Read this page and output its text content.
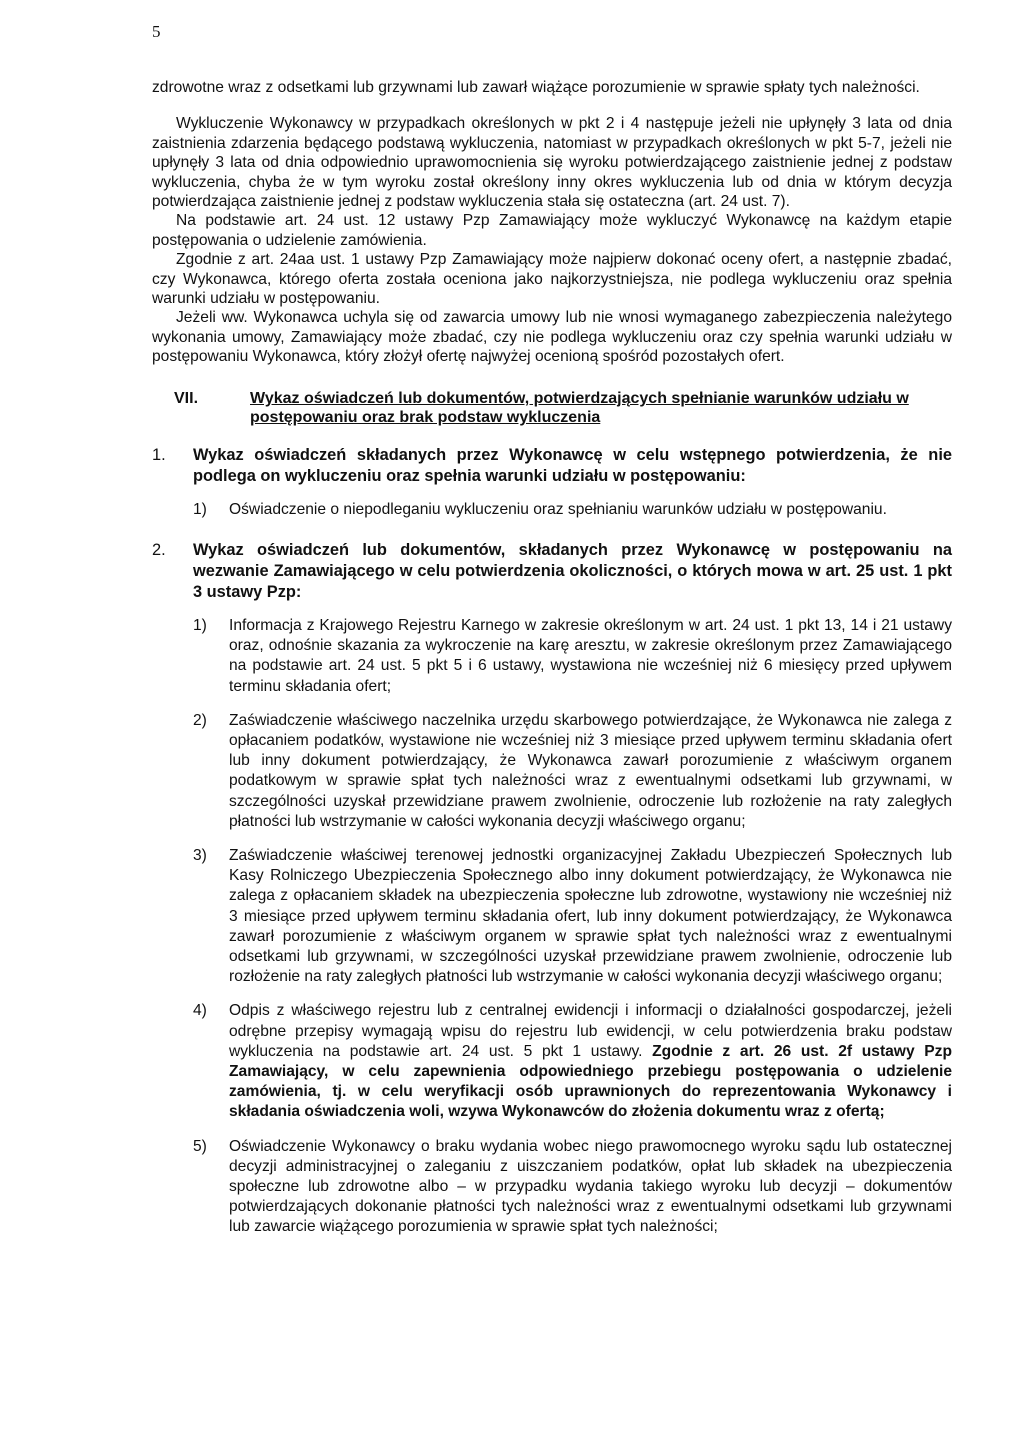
5

zdrowotne wraz z odsetkami lub grzywnami lub zawarł wiążące porozumienie w sprawie spłaty tych należności.

Wykluczenie Wykonawcy w przypadkach określonych w pkt 2 i 4 następuje jeżeli nie upłynęły 3 lata od dnia zaistnienia zdarzenia będącego podstawą wykluczenia, natomiast w przypadkach określonych w pkt 5-7, jeżeli nie upłynęły 3 lata od dnia odpowiednio uprawomocnienia się wyroku potwierdzającego zaistnienie jednej z podstaw wykluczenia, chyba że w tym wyroku został określony inny okres wykluczenia lub od dnia w którym decyzja potwierdzająca zaistnienie jednej z podstaw wykluczenia stała się ostateczna (art. 24 ust. 7).

Na podstawie art. 24 ust. 12 ustawy Pzp Zamawiający może wykluczyć Wykonawcę na każdym etapie postępowania o udzielenie zamówienia.

Zgodnie z art. 24aa ust. 1 ustawy Pzp Zamawiający może najpierw dokonać oceny ofert, a następnie zbadać, czy Wykonawca, którego oferta została oceniona jako najkorzystniejsza, nie podlega wykluczeniu oraz spełnia warunki udziału w postępowaniu.

Jeżeli ww. Wykonawca uchyla się od zawarcia umowy lub nie wnosi wymaganego zabezpieczenia należytego wykonania umowy, Zamawiający może zbadać, czy nie podlega wykluczeniu oraz czy spełnia warunki udziału w postępowaniu Wykonawca, który złożył ofertę najwyżej ocenioną spośród pozostałych ofert.

VII.	Wykaz oświadczeń lub dokumentów, potwierdzających spełnianie warunków udziału w postępowaniu oraz brak podstaw wykluczenia
1.	Wykaz oświadczeń składanych przez Wykonawcę w celu wstępnego potwierdzenia, że nie podlega on wykluczeniu oraz spełnia warunki udziału w postępowaniu:
1)	Oświadczenie o niepodleganiu wykluczeniu oraz spełnianiu warunków udziału w postępowaniu.
2.	Wykaz oświadczeń lub dokumentów, składanych przez Wykonawcę w postępowaniu na wezwanie Zamawiającego w celu potwierdzenia okoliczności, o których mowa w art. 25 ust. 1 pkt 3 ustawy Pzp:
1)	Informacja z Krajowego Rejestru Karnego w zakresie określonym w art. 24 ust. 1 pkt 13, 14 i 21 ustawy oraz, odnośnie skazania za wykroczenie na karę aresztu, w zakresie określonym przez Zamawiającego na podstawie art. 24 ust. 5 pkt 5 i 6 ustawy, wystawiona nie wcześniej niż 6 miesięcy przed upływem terminu składania ofert;
2)	Zaświadczenie właściwego naczelnika urzędu skarbowego potwierdzające, że Wykonawca nie zalega z opłacaniem podatków, wystawione nie wcześniej niż 3 miesiące przed upływem terminu składania ofert lub inny dokument potwierdzający, że Wykonawca zawarł porozumienie z właściwym organem podatkowym w sprawie spłat tych należności wraz z ewentualnymi odsetkami lub grzywnami, w szczególności uzyskał przewidziane prawem zwolnienie, odroczenie lub rozłożenie na raty zaległych płatności lub wstrzymanie w całości wykonania decyzji właściwego organu;
3)	Zaświadczenie właściwej terenowej jednostki organizacyjnej Zakładu Ubezpieczeń Społecznych lub Kasy Rolniczego Ubezpieczenia Społecznego albo inny dokument potwierdzający, że Wykonawca nie zalega z opłacaniem składek na ubezpieczenia społeczne lub zdrowotne, wystawiony nie wcześniej niż 3 miesiące przed upływem terminu składania ofert, lub inny dokument potwierdzający, że Wykonawca zawarł porozumienie z właściwym organem w sprawie spłat tych należności wraz z ewentualnymi odsetkami lub grzywnami, w szczególności uzyskał przewidziane prawem zwolnienie, odroczenie lub rozłożenie na raty zaległych płatności lub wstrzymanie w całości wykonania decyzji właściwego organu;
4)	Odpis z właściwego rejestru lub z centralnej ewidencji i informacji o działalności gospodarczej, jeżeli odrębne przepisy wymagają wpisu do rejestru lub ewidencji, w celu potwierdzenia braku podstaw wykluczenia na podstawie art. 24 ust. 5 pkt 1 ustawy. Zgodnie z art. 26 ust. 2f ustawy Pzp Zamawiający, w celu zapewnienia odpowiedniego przebiegu postępowania o udzielenie zamówienia, tj. w celu weryfikacji osób uprawnionych do reprezentowania Wykonawcy i składania oświadczenia woli, wzywa Wykonawców do złożenia dokumentu wraz z ofertą;
5)	Oświadczenie Wykonawcy o braku wydania wobec niego prawomocnego wyroku sądu lub ostatecznej decyzji administracyjnej o zaleganiu z uiszczaniem podatków, opłat lub składek na ubezpieczenia społeczne lub zdrowotne albo – w przypadku wydania takiego wyroku lub decyzji – dokumentów potwierdzających dokonanie płatności tych należności wraz z ewentualnymi odsetkami lub grzywnami lub zawarcie wiążącego porozumienia w sprawie spłat tych należności;
